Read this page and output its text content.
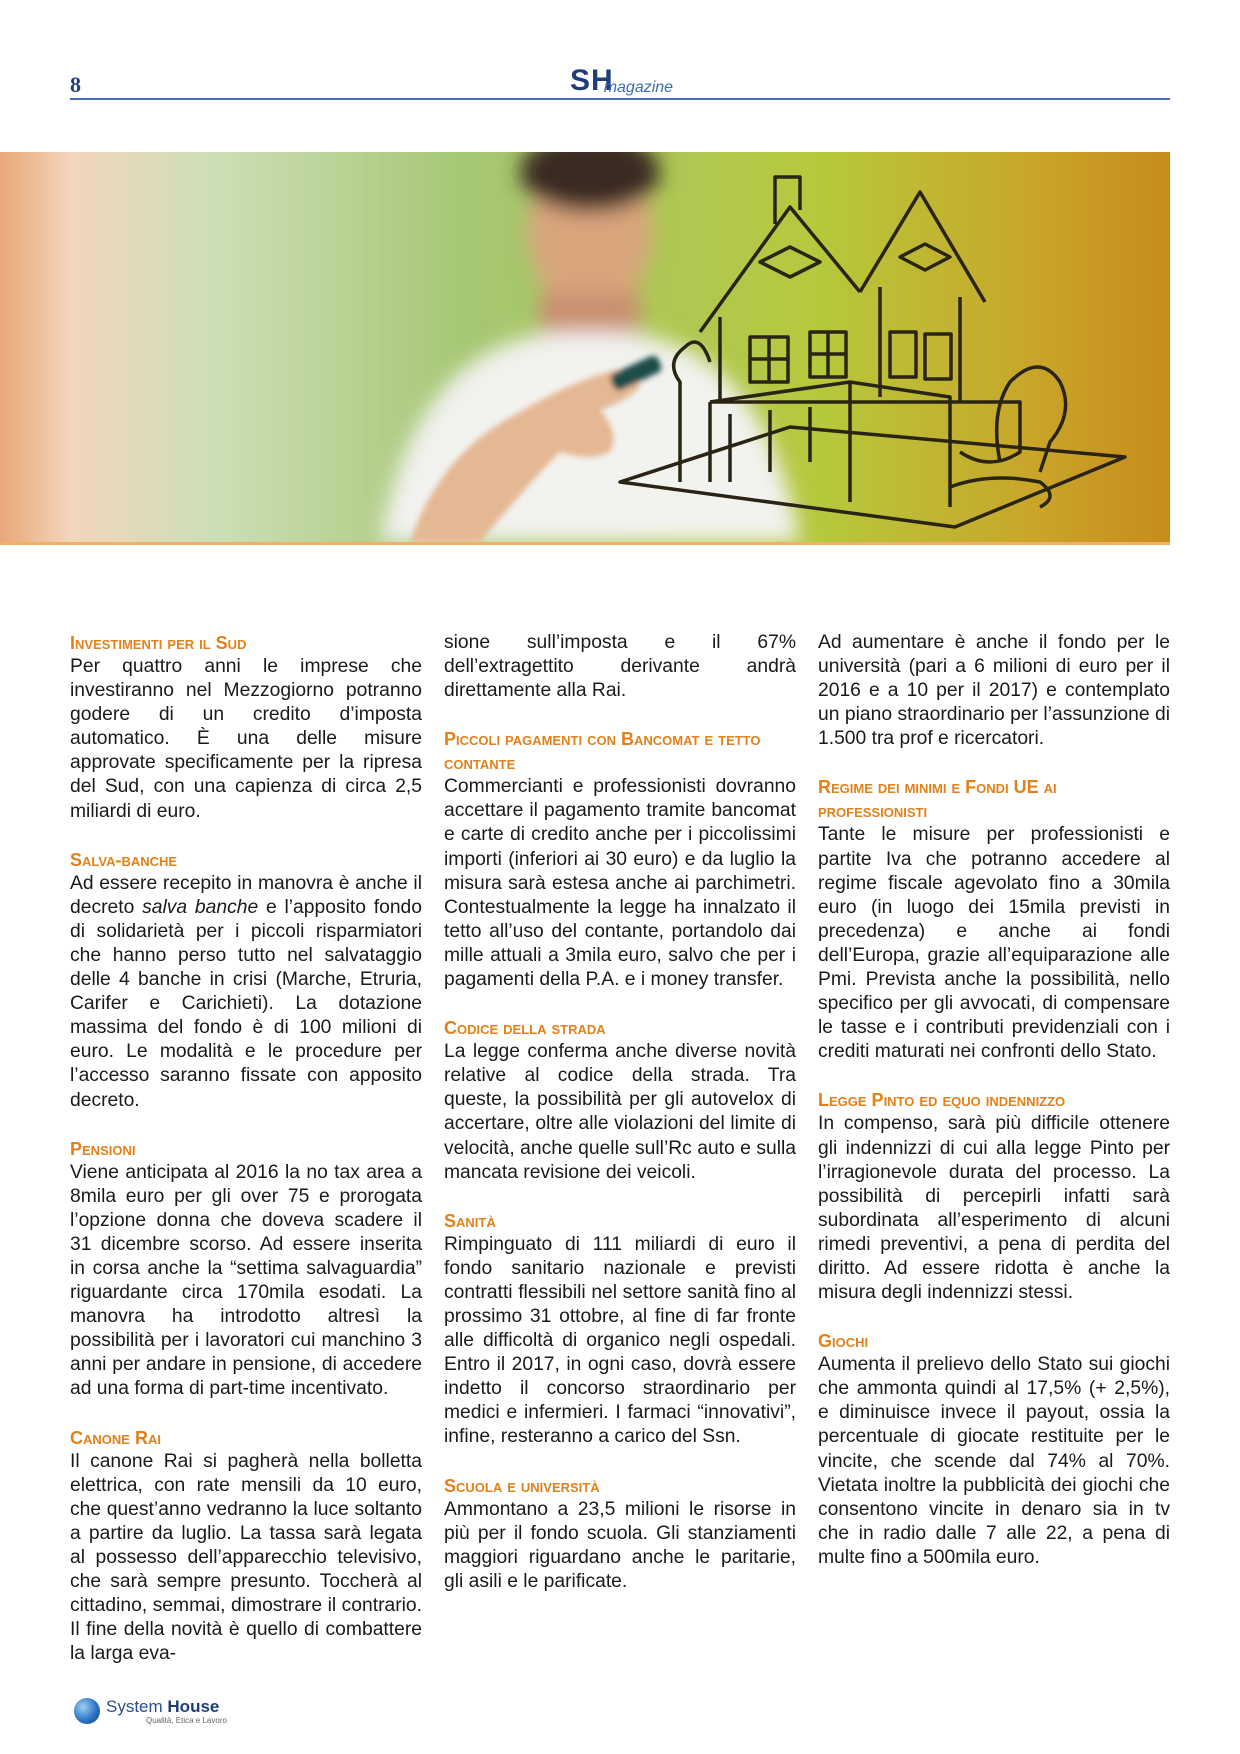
8	SHmagazine
Investimenti per il Sud

Per quattro anni le imprese che investiranno nel Mezzogiorno potranno godere di un credito d’imposta automatico. È una delle misure approvate specificamente per la ripresa del Sud, con una capienza di circa 2,5 miliardi di euro.

Salva-banche

Ad essere recepito in manovra è anche il decreto salva banche e l’apposito fondo di solidarietà per i piccoli risparmiatori che hanno perso tutto nel salvataggio delle 4 banche in crisi (Marche, Etruria, Carifer e Carichieti). La dotazione massima del fondo è di 100 milioni di euro. Le modalità e le procedure per l’accesso saranno fissate con apposito decreto.

Pensioni

Viene anticipata al 2016 la no tax area a 8mila euro per gli over 75 e prorogata l’opzione donna che doveva scadere il 31 dicembre scorso. Ad essere inserita in corsa anche la “settima salvaguardia” riguardante circa 170mila esodati. La manovra ha introdotto altresì la possibilità per i lavoratori cui manchino 3 anni per andare in pensione, di accedere ad una forma di part-time incentivato.

Canone Rai

Il canone Rai si pagherà nella bolletta elettrica, con rate mensili da 10 euro, che quest’anno vedranno la luce soltanto a partire da luglio. La tassa sarà legata al possesso dell’apparecchio televisivo, che sarà sempre presunto. Toccherà al cittadino, semmai, dimostrare il contrario. Il fine della novità è quello di combattere la larga eva-

sione sull’imposta e il 67% dell’extragettito derivante andrà direttamente alla Rai.

Piccoli pagamenti con Bancomat e tetto contante

Commercianti e professionisti dovranno accettare il pagamento tramite bancomat e carte di credito anche per i piccolissimi importi (inferiori ai 30 euro) e da luglio la misura sarà estesa anche ai parchimetri. Contestualmente la legge ha innalzato il tetto all’uso del contante, portandolo dai mille attuali a 3mila euro, salvo che per i pagamenti della P.A. e i money transfer.

Codice della strada

La legge conferma anche diverse novità relative al codice della strada. Tra queste, la possibilità per gli autovelox di accertare, oltre alle violazioni del limite di velocità, anche quelle sull’Rc auto e sulla mancata revisione dei veicoli.

Sanità

Rimpinguato di 111 miliardi di euro il fondo sanitario nazionale e previsti contratti flessibili nel settore sanità fino al prossimo 31 ottobre, al fine di far fronte alle difficoltà di organico negli ospedali. Entro il 2017, in ogni caso, dovrà essere indetto il concorso straordinario per medici e infermieri. I farmaci “innovativi”, infine, resteranno a carico del Ssn.

Scuola e università

Ammontano a 23,5 milioni le risorse in più per il fondo scuola. Gli stanziamenti maggiori riguardano anche le paritarie, gli asili e le parificate.

Ad aumentare è anche il fondo per le università (pari a 6 milioni di euro per il 2016 e a 10 per il 2017) e contemplato un piano straordinario per l’assunzione di 1.500 tra prof e ricercatori.

Regime dei minimi e Fondi UE ai professionisti

Tante le misure per professionisti e partite Iva che potranno accedere al regime fiscale agevolato fino a 30mila euro (in luogo dei 15mila previsti in precedenza) e anche ai fondi dell’Europa, grazie all’equiparazione alle Pmi. Prevista anche la possibilità, nello specifico per gli avvocati, di compensare le tasse e i contributi previdenziali con i crediti maturati nei confronti dello Stato.

Legge Pinto ed equo indennizzo

In compenso, sarà più difficile ottenere gli indennizzi di cui alla legge Pinto per l’irragionevole durata del processo. La possibilità di percepirli infatti sarà subordinata all’esperimento di alcuni rimedi preventivi, a pena di perdita del diritto. Ad essere ridotta è anche la misura degli indennizzi stessi.

Giochi

Aumenta il prelievo dello Stato sui giochi che ammonta quindi al 17,5% (+ 2,5%), e diminuisce invece il payout, ossia la percentuale di giocate restituite per le vincite, che scende dal 74% al 70%. Vietata inoltre la pubblicità dei giochi che consentono vincite in denaro sia in tv che in radio dalle 7 alle 22, a pena di multe fino a 500mila euro.

System House
Qualità, Etica e Lavoro
